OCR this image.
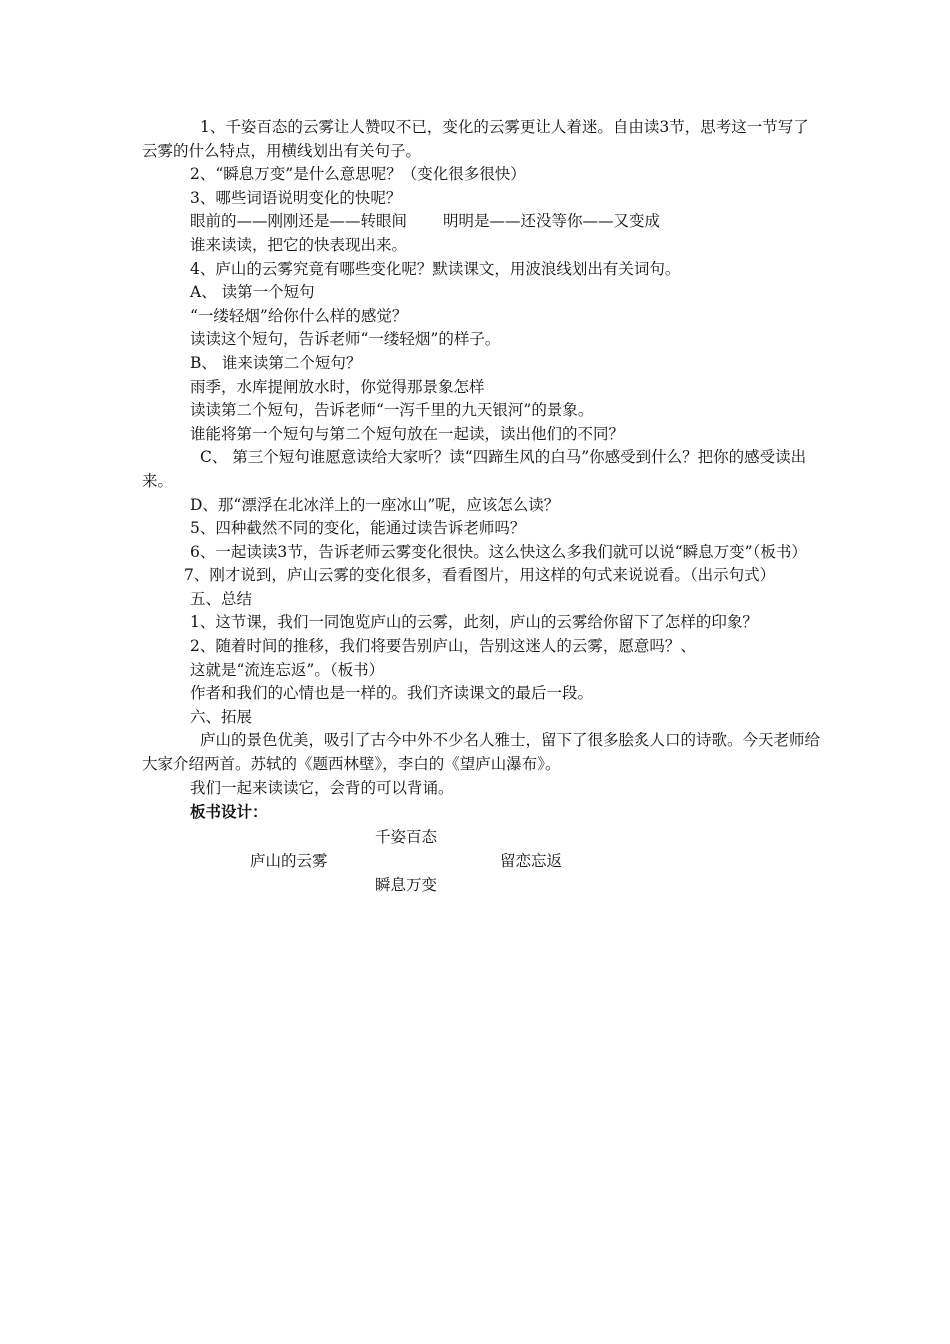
1、千姿百态的云雾让人赞叹不已，变化的云雾更让人着迷。自由读3节，思考这一节写了云雾的什么特点，用横线划出有关句子。

2、“瞬息万变”是什么意思呢？（变化很多很快）

3、哪些词语说明变化的快呢？

眼前的——刚刚还是——转眼间 明明是——还没等你——又变成

谁来读读，把它的快表现出来。

4、庐山的云雾究竟有哪些变化呢？默读课文，用波浪线划出有关词句。

A、 读第一个短句

“一缕轻烟”给你什么样的感觉？

读读这个短句，告诉老师“一缕轻烟”的样子。

B、 谁来读第二个短句？

雨季，水库提闸放水时，你觉得那景象怎样

读读第二个短句，告诉老师“一泻千里的九天银河”的景象。

谁能将第一个短句与第二个短句放在一起读，读出他们的不同？

C、 第三个短句谁愿意读给大家听？读“四蹄生风的白马”你感受到什么？把你的感受读出来。

D、那“漂浮在北冰洋上的一座冰山”呢，应该怎么读？

5、四种截然不同的变化，能通过读告诉老师吗？

6、一起读读3节，告诉老师云雾变化很快。这么快这么多我们就可以说“瞬息万变”（板书）

7、刚才说到，庐山云雾的变化很多，看看图片，用这样的句式来说说看。（出示句式）

五、总结

1、这节课，我们一同饱览庐山的云雾，此刻，庐山的云雾给你留下了怎样的印象？

2、随着时间的推移，我们将要告别庐山，告别这迷人的云雾，愿意吗？、

这就是“流连忘返”。（板书）

作者和我们的心情也是一样的。我们齐读课文的最后一段。

六、拓展

庐山的景色优美，吸引了古今中外不少名人雅士，留下了很多脍炙人口的诗歌。今天老师给大家介绍两首。苏轼的《题西林壁》，李白的《望庐山瀑布》。

我们一起来读读它，会背的可以背诵。

板书设计：

千姿百态
庐山的云雾	留恋忘返
瞬息万变
